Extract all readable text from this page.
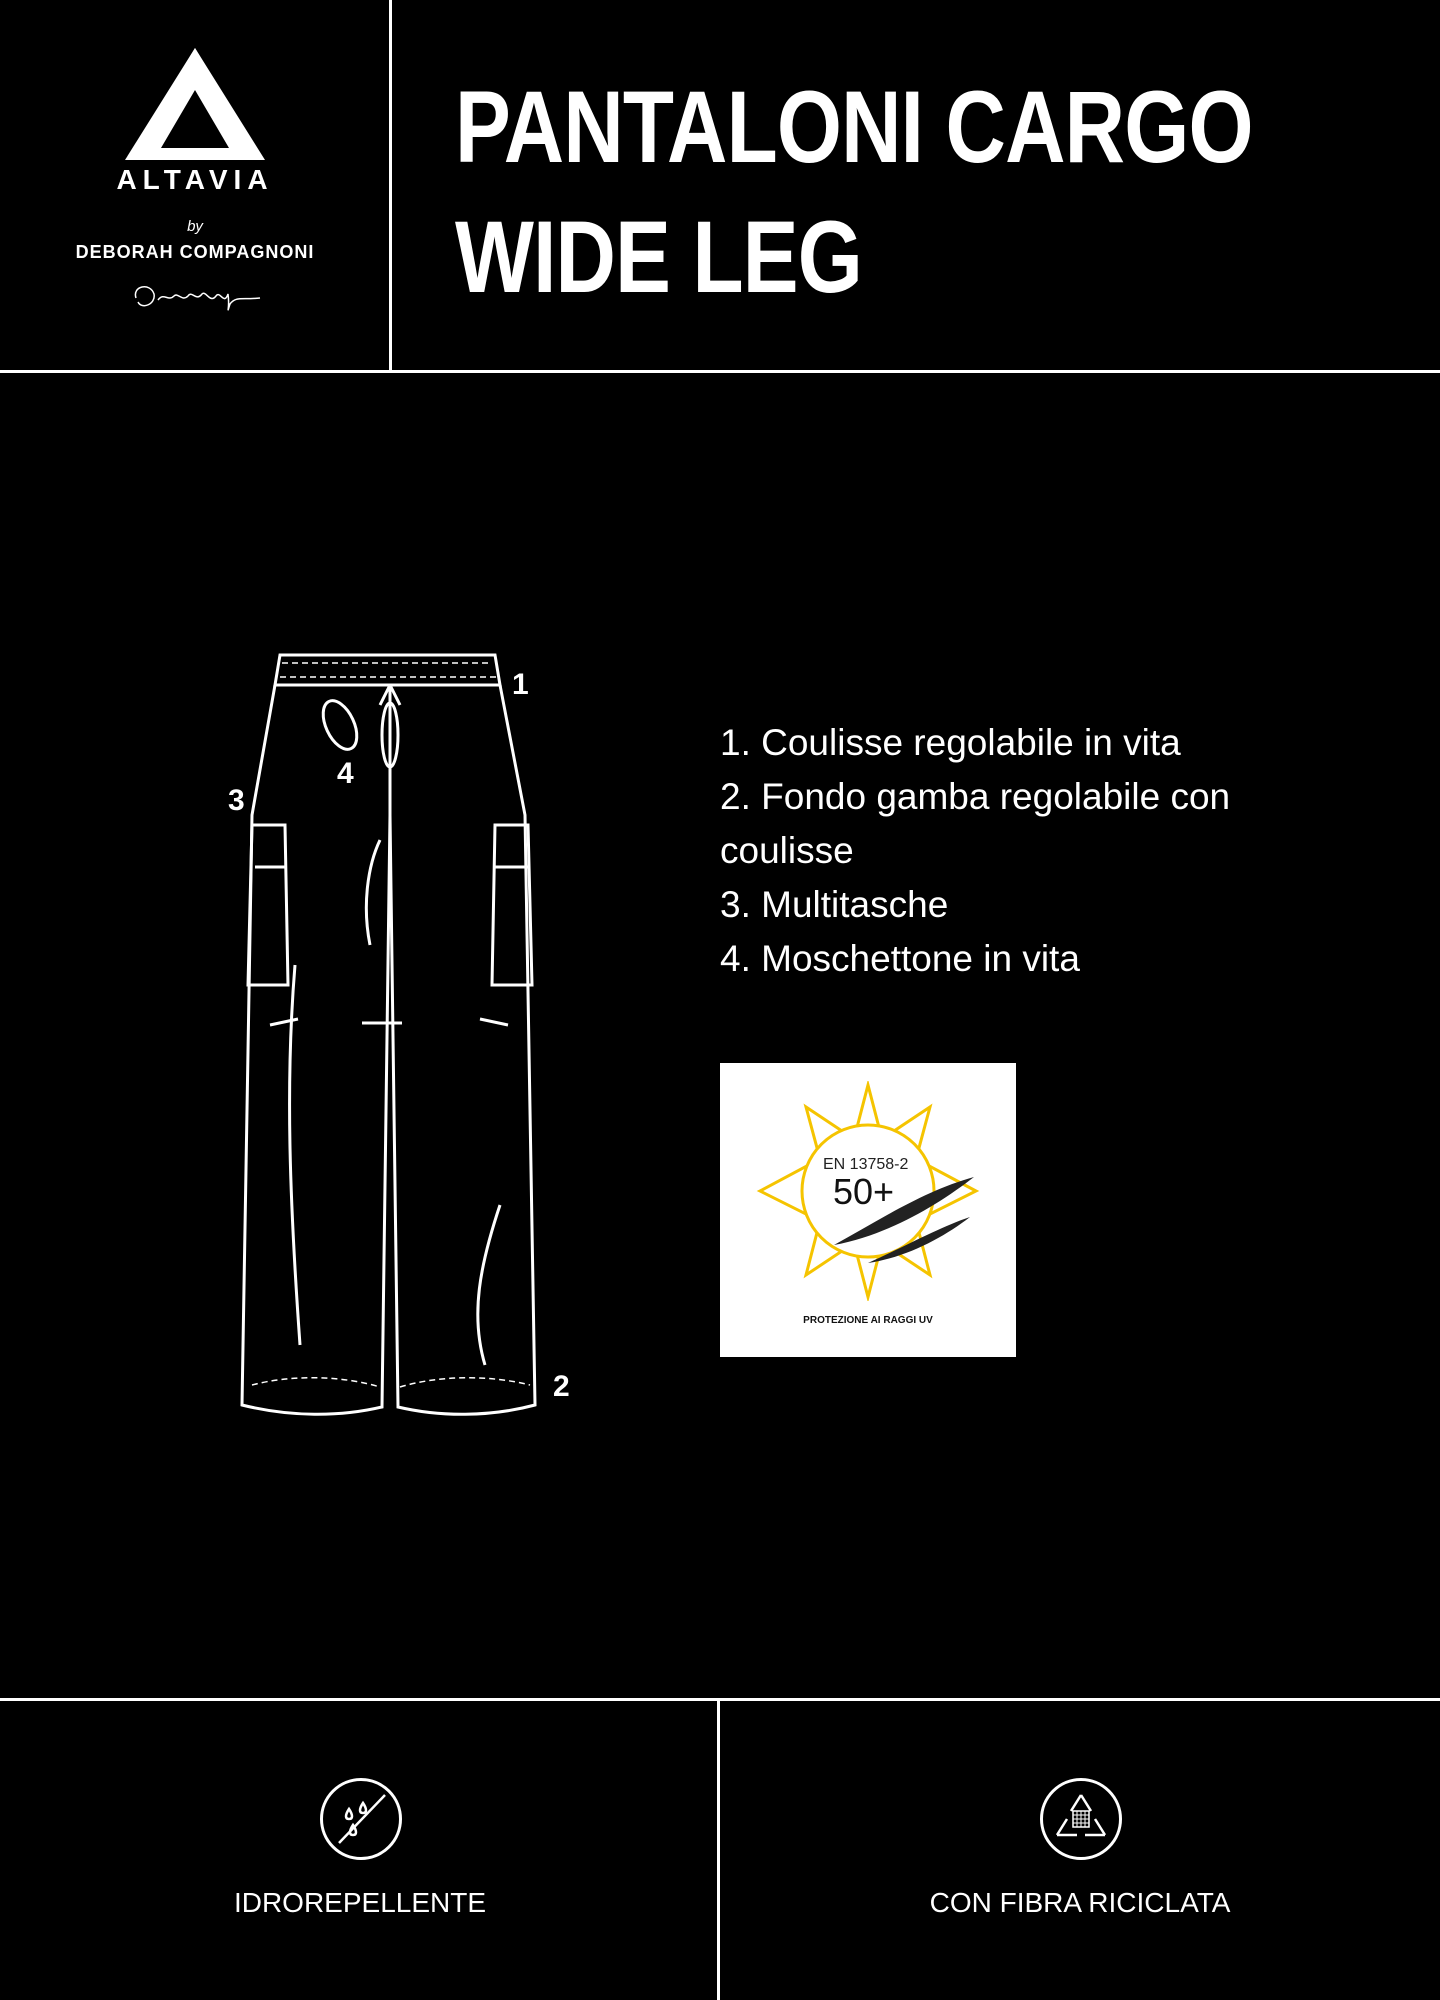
ALTAVIA
by
DEBORAH COMPAGNONI
PANTALONI CARGO
WIDE LEG
1
2
3
4
1. Coulisse regolabile in vita
2. Fondo gamba regolabile con coulisse
3. Multitasche
4. Moschettone in vita
EN 13758-2
50+
PROTEZIONE AI RAGGI UV
IDROREPELLENTE	CON FIBRA RICICLATA
